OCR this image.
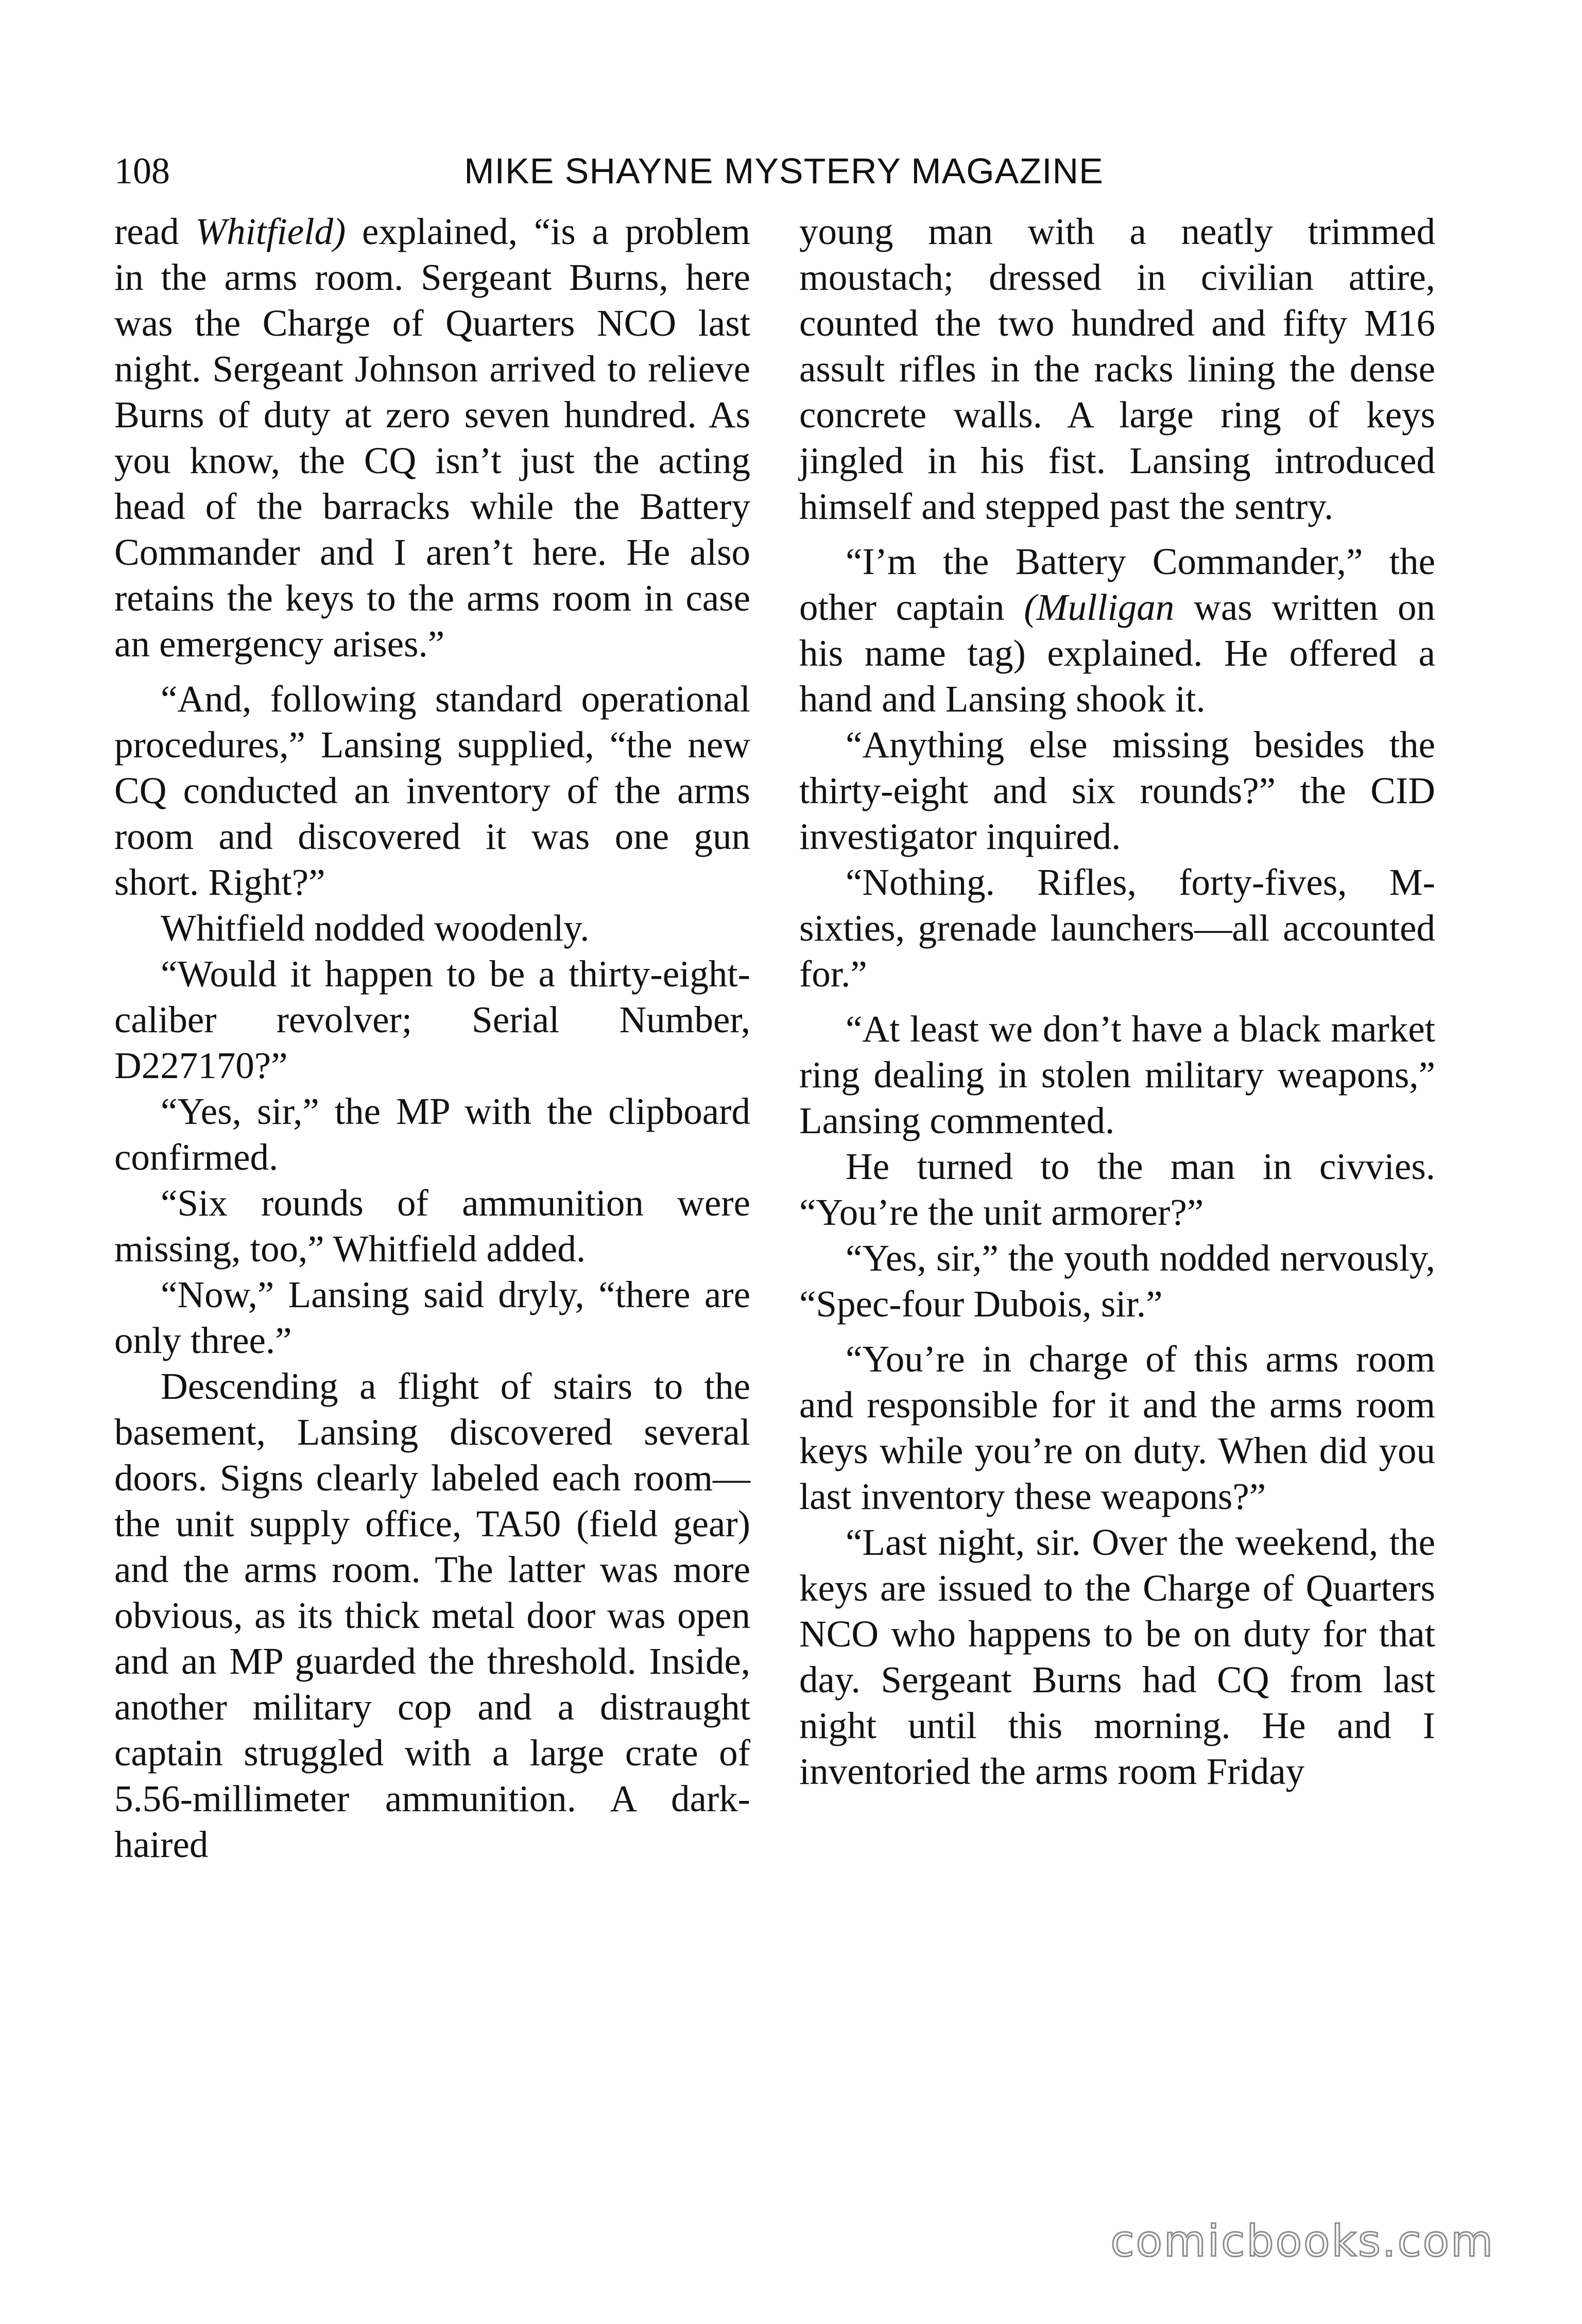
108	MIKE SHAYNE MYSTERY MAGAZINE

read Whitfield) explained, “is a problem in the arms room. Sergeant Burns, here was the Charge of Quarters NCO last night. Sergeant Johnson arrived to relieve Burns of duty at zero seven hundred. As you know, the CQ isn’t just the acting head of the barracks while the Battery Commander and I aren’t here. He also retains the keys to the arms room in case an emergency arises.”

“And, following standard operational procedures,” Lansing supplied, “the new CQ conducted an inventory of the arms room and discovered it was one gun short. Right?”

Whitfield nodded woodenly.

“Would it happen to be a thirty-eight-caliber revolver; Serial Number, D227170?”

“Yes, sir,” the MP with the clipboard confirmed.

“Six rounds of ammunition were missing, too,” Whitfield added.

“Now,” Lansing said dryly, “there are only three.”

Descending a flight of stairs to the basement, Lansing discovered several doors. Signs clearly labeled each room—the unit supply office, TA50 (field gear) and the arms room. The latter was more obvious, as its thick metal door was open and an MP guarded the threshold. Inside, another military cop and a distraught captain struggled with a large crate of 5.56-millimeter ammunition. A dark-haired

young man with a neatly trimmed moustach; dressed in civilian attire, counted the two hundred and fifty M16 assult rifles in the racks lining the dense concrete walls. A large ring of keys jingled in his fist. Lansing introduced himself and stepped past the sentry.

“I’m the Battery Commander,” the other captain (Mulligan was written on his name tag) explained. He offered a hand and Lansing shook it.

“Anything else missing besides the thirty-eight and six rounds?” the CID investigator inquired.

“Nothing. Rifles, forty-fives, M-sixties, grenade launchers—all accounted for.”

“At least we don’t have a black market ring dealing in stolen military weapons,” Lansing commented.

He turned to the man in civvies. “You’re the unit armorer?”

“Yes, sir,” the youth nodded nervously, “Spec-four Dubois, sir.”

“You’re in charge of this arms room and responsible for it and the arms room keys while you’re on duty. When did you last inventory these weapons?”

“Last night, sir. Over the weekend, the keys are issued to the Charge of Quarters NCO who happens to be on duty for that day. Sergeant Burns had CQ from last night until this morning. He and I inventoried the arms room Friday

comicbooks.com
